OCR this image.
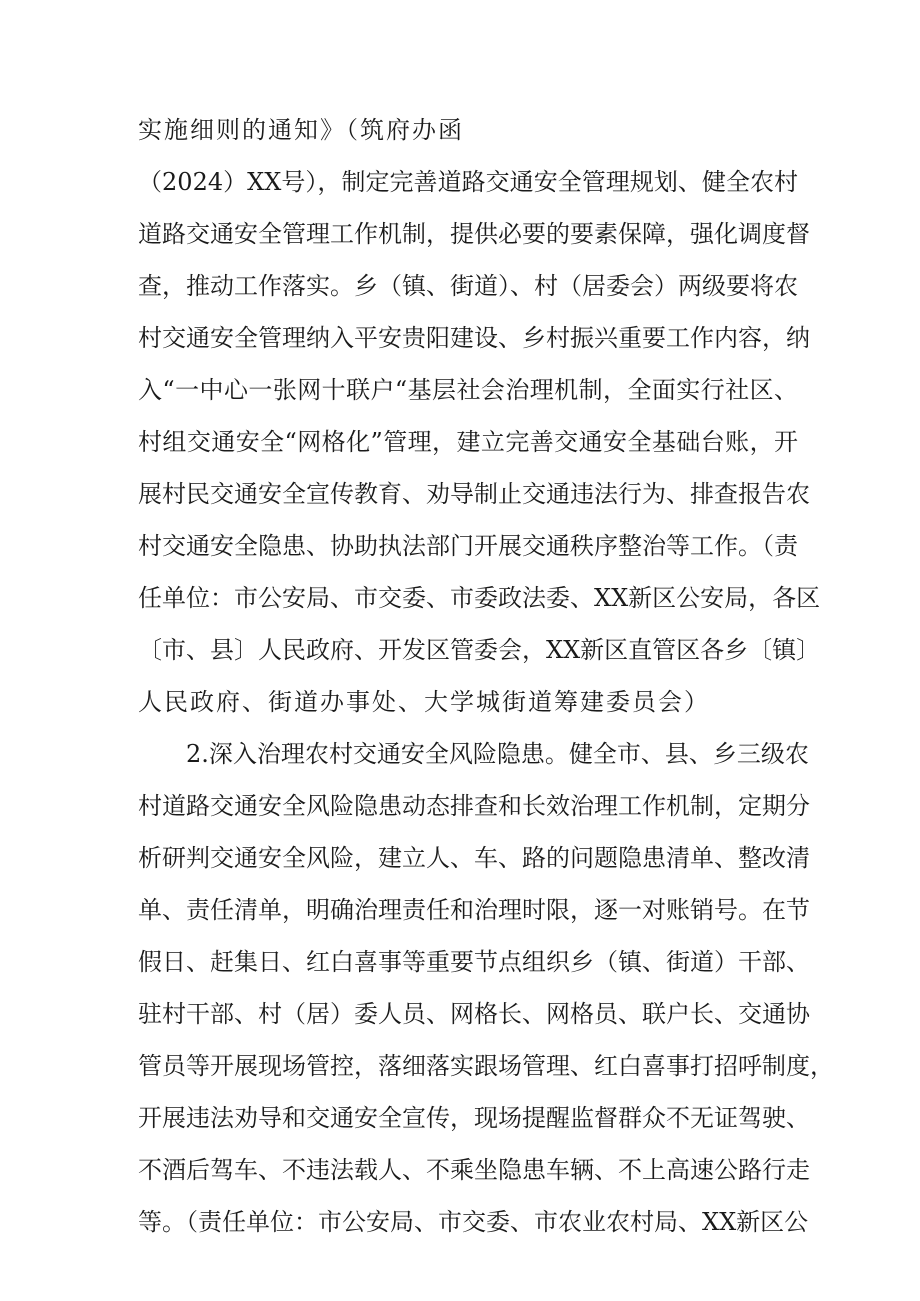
实施细则的通知》（筑府办函
（2024）XX号），制定完善道路交通安全管理规划、健全农村
道路交通安全管理工作机制，提供必要的要素保障，强化调度督
查，推动工作落实。乡（镇、街道）、村（居委会）两级要将农
村交通安全管理纳入平安贵阳建设、乡村振兴重要工作内容，纳
入“一中心一张网十联户“基层社会治理机制，全面实行社区、
村组交通安全“网格化”管理，建立完善交通安全基础台账，开
展村民交通安全宣传教育、劝导制止交通违法行为、排查报告农
村交通安全隐患、协助执法部门开展交通秩序整治等工作。（责
任单位：市公安局、市交委、市委政法委、XX新区公安局，各区
〔市、县〕人民政府、开发区管委会，XX新区直管区各乡〔镇〕
人民政府、街道办事处、大学城街道筹建委员会）
2.深入治理农村交通安全风险隐患。健全市、县、乡三级农
村道路交通安全风险隐患动态排查和长效治理工作机制，定期分
析研判交通安全风险，建立人、车、路的问题隐患清单、整改清
单、责任清单，明确治理责任和治理时限，逐一对账销号。在节
假日、赶集日、红白喜事等重要节点组织乡（镇、街道）干部、
驻村干部、村（居）委人员、网格长、网格员、联户长、交通协
管员等开展现场管控，落细落实跟场管理、红白喜事打招呼制度，
开展违法劝导和交通安全宣传，现场提醒监督群众不无证驾驶、
不酒后驾车、不违法载人、不乘坐隐患车辆、不上高速公路行走
等。（责任单位：市公安局、市交委、市农业农村局、XX新区公
